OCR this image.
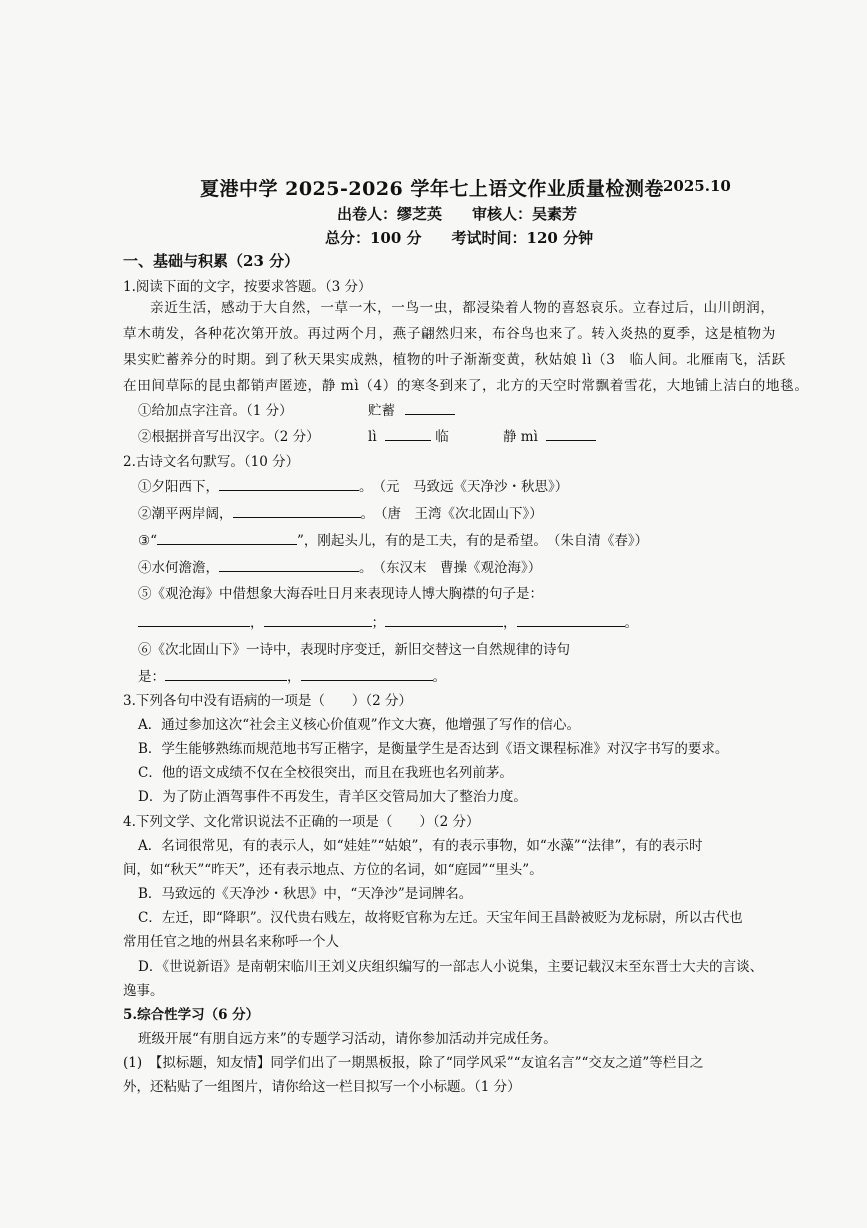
夏港中学 2025-2026 学年七上语文作业质量检测卷 2025.10
出卷人：缪芝英　　审核人：吴素芳
总分：100 分　　考试时间：120 分钟
一、基础与积累（23 分）
1.阅读下面的文字，按要求答题。（3 分）
亲近生活，感动于大自然，一草一木，一鸟一虫，都浸染着人物的喜怒哀乐。立春过后，山川朗润，
草木萌发，各种花次第开放。再过两个月，燕子翩然归来，布谷鸟也来了。转入炎热的夏季，这是植物为
果实贮蓄养分的时期。到了秋天果实成熟，植物的叶子渐渐变黄，秋姑娘 lì（3　临人间。北雁南飞，活跃
在田间草际的昆虫都销声匿迹，静 mì（4）的寒冬到来了，北方的天空时常飘着雪花，大地铺上洁白的地毯。
①给加点字注音。（1 分）	贮蓄
②根据拼音写出汉字。（2 分）	lì	临	静 mì
2.古诗文名句默写。（10 分）
①夕阳西下，	。　（元　马致远《天净沙・秋思》）
②潮平两岸阔，	。　（唐　王湾《次北固山下》）
③“	”，刚起头儿，有的是工夫，有的是希望。　（朱自清《春》）
④水何澹澹，	。　（东汉末　曹操《观沧海》）
⑤《观沧海》中借想象大海吞吐日月来表现诗人博大胸襟的句子是：
，	；	，	。
⑥《次北固山下》一诗中，表现时序变迁，新旧交替这一自然规律的诗句
是：	，	。
3.下列各句中没有语病的一项是（　　）（2 分）
A．通过参加这次“社会主义核心价值观”作文大赛，他增强了写作的信心。
B．学生能够熟练而规范地书写正楷字，是衡量学生是否达到《语文课程标准》对汉字书写的要求。
C．他的语文成绩不仅在全校很突出，而且在我班也名列前茅。
D．为了防止酒驾事件不再发生，青羊区交管局加大了整治力度。
4.下列文学、文化常识说法不正确的一项是（　　）（2 分）
A．名词很常见，有的表示人，如“娃娃”“姑娘”，有的表示事物，如“水藻”“法律”，有的表示时
间，如“秋天”“昨天”，还有表示地点、方位的名词，如“庭园”“里头”。
B．马致远的《天净沙・秋思》中，“天净沙”是词牌名。
C．左迁，即“降职”。汉代贵右贱左，故将贬官称为左迁。天宝年间王昌龄被贬为龙标尉，所以古代也
常用任官之地的州县名来称呼一个人
D．《世说新语》是南朝宋临川王刘义庆组织编写的一部志人小说集，主要记载汉末至东晋士大夫的言谈、
逸事。
5.综合性学习（6 分）
班级开展“有朋自远方来”的专题学习活动，请你参加活动并完成任务。
(1)　【拟标题，知友情】同学们出了一期黑板报，除了“同学风采”“友谊名言”“交友之道”等栏目之
外，还粘贴了一组图片，请你给这一栏目拟写一个小标题。（1 分）
